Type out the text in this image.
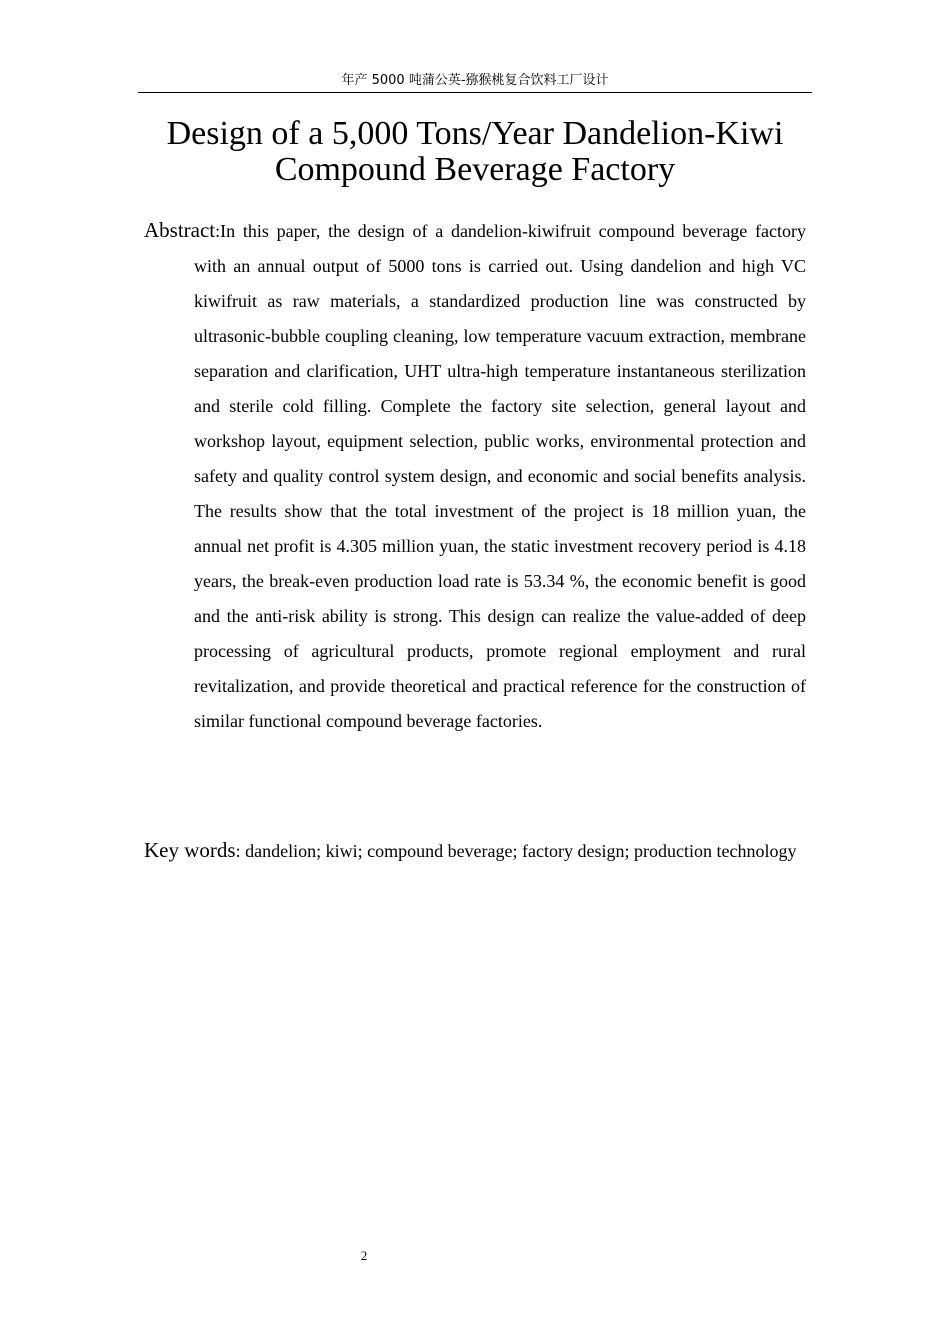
年产 5000 吨蒲公英-猕猴桃复合饮料工厂设计
Design of a 5,000 Tons/Year Dandelion-Kiwi
Compound Beverage Factory

Abstract:In this paper, the design of a dandelion-kiwifruit compound beverage factory with an annual output of 5000 tons is carried out. Using dandelion and high VC kiwifruit as raw materials, a standardized production line was constructed by ultrasonic-bubble coupling cleaning, low temperature vacuum extraction, membrane separation and clarification, UHT ultra-high temperature instantaneous sterilization and sterile cold filling. Complete the factory site selection, general layout and workshop layout, equipment selection, public works, environmental protection and safety and quality control system design, and economic and social benefits analysis. The results show that the total investment of the project is 18 million yuan, the annual net profit is 4.305 million yuan, the static investment recovery period is 4.18 years, the break-even production load rate is 53.34 %, the economic benefit is good and the anti-risk ability is strong. This design can realize the value-added of deep processing of agricultural products, promote regional employment and rural revitalization, and provide theoretical and practical reference for the construction of similar functional compound beverage factories.

Key words: dandelion; kiwi; compound beverage; factory design; production technology

2
